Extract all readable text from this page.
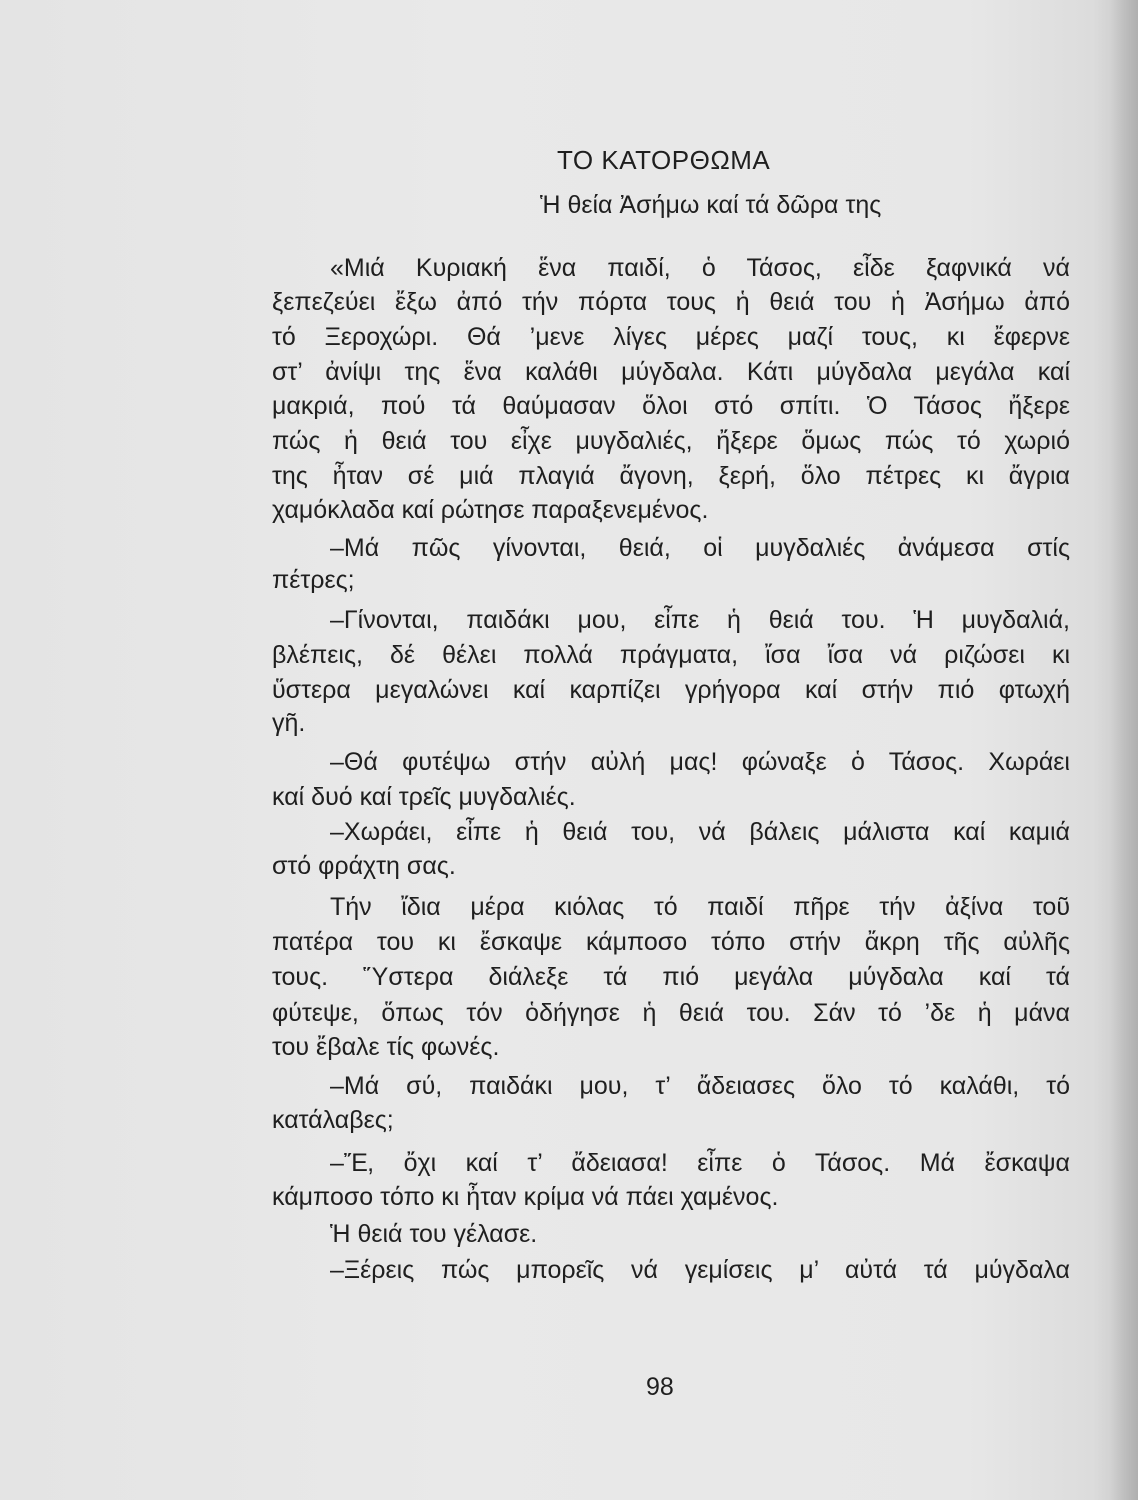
ΤΟ ΚΑΤΟΡΘΩΜΑ
Ἡ θεία Ἀσήμω καί τά δῶρα της
«Μιά Κυριακή ἕνα παιδί, ὁ Τάσος, εἶδε ξαφνικά νά
ξεπεζεύει ἔξω ἀπό τήν πόρτα τους ἡ θειά του ἡ Ἀσήμω ἀπό
τό Ξεροχώρι. Θά ’μενε λίγες μέρες μαζί τους, κι ἔφερνε
στ’ ἀνίψι της ἕνα καλάθι μύγδαλα. Κάτι μύγδαλα μεγάλα καί
μακριά, πού τά θαύμασαν ὅλοι στό σπίτι. Ὁ Τάσος ἤξερε
πώς ἡ θειά του εἶχε μυγδαλιές, ἤξερε ὅμως πώς τό χωριό
της ἦταν σέ μιά πλαγιά ἄγονη, ξερή, ὅλο πέτρες κι ἄγρια
χαμόκλαδα καί ρώτησε παραξενεμένος.
–Μά πῶς γίνονται, θειά, οἱ μυγδαλιές ἀνάμεσα στίς
πέτρες;
–Γίνονται, παιδάκι μου, εἶπε ἡ θειά του. Ἡ μυγδαλιά,
βλέπεις, δέ θέλει πολλά πράγματα, ἴσα ἴσα νά ριζώσει κι
ὕστερα μεγαλώνει καί καρπίζει γρήγορα καί στήν πιό φτωχή
γῆ.
–Θά φυτέψω στήν αὐλή μας! φώναξε ὁ Τάσος. Χωράει
καί δυό καί τρεῖς μυγδαλιές.
–Χωράει, εἶπε ἡ θειά του, νά βάλεις μάλιστα καί καμιά
στό φράχτη σας.
Τήν ἴδια μέρα κιόλας τό παιδί πῆρε τήν ἀξίνα τοῦ
πατέρα του κι ἔσκαψε κάμποσο τόπο στήν ἄκρη τῆς αὐλῆς
τους. Ὕστερα διάλεξε τά πιό μεγάλα μύγδαλα καί τά
φύτεψε, ὅπως τόν ὁδήγησε ἡ θειά του. Σάν τό ’δε ἡ μάνα
του ἔβαλε τίς φωνές.
–Μά σύ, παιδάκι μου, τ’ ἄδειασες ὅλο τό καλάθι, τό
κατάλαβες;
–Ἔ, ὄχι καί τ’ ἄδειασα! εἶπε ὁ Τάσος. Μά ἔσκαψα
κάμποσο τόπο κι ἦταν κρίμα νά πάει χαμένος.
Ἡ θειά του γέλασε.
–Ξέρεις πώς μπορεῖς νά γεμίσεις μ’ αὐτά τά μύγδαλα
98
